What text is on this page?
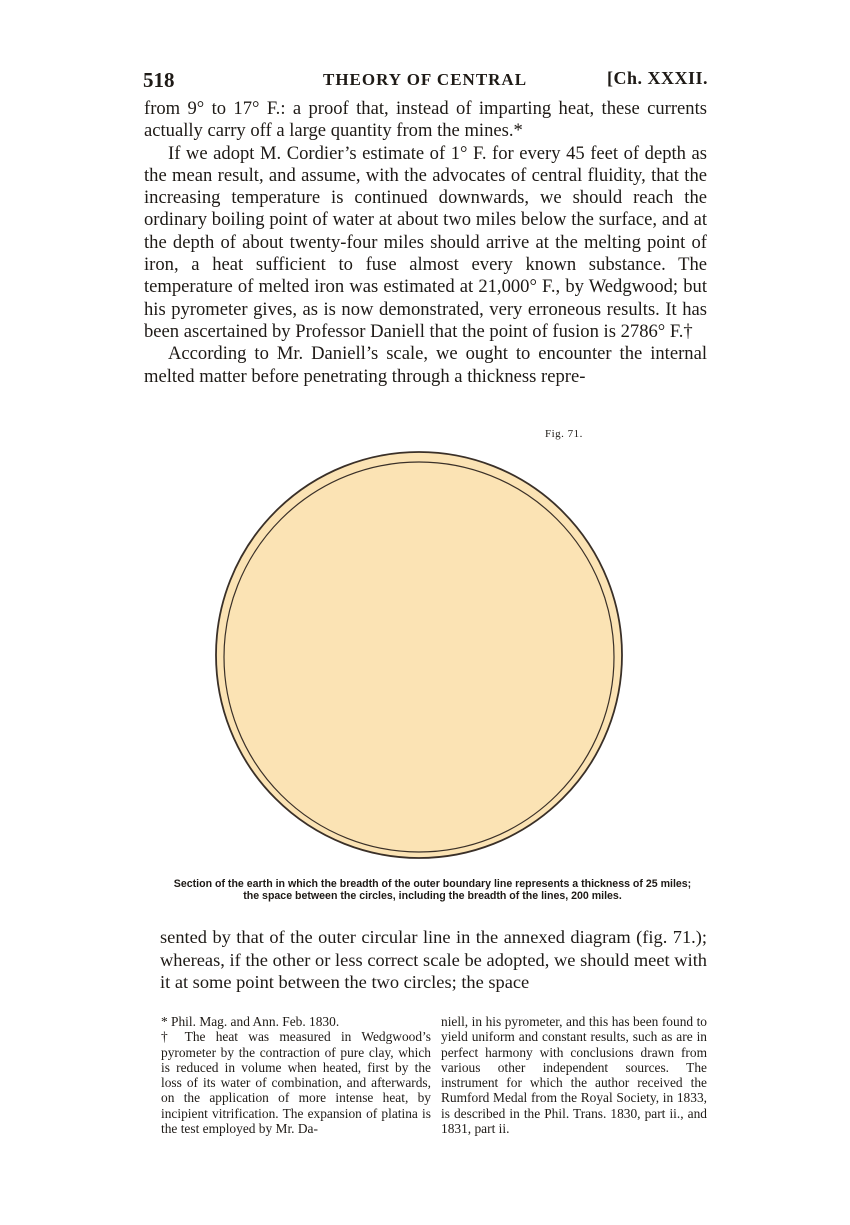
518	THEORY OF CENTRAL	[Ch. XXXII.

from 9° to 17° F.: a proof that, instead of imparting heat, these currents actually carry off a large quantity from the mines.*

If we adopt M. Cordier’s estimate of 1° F. for every 45 feet of depth as the mean result, and assume, with the advocates of central fluidity, that the increasing temperature is continued downwards, we should reach the ordinary boiling point of water at about two miles below the surface, and at the depth of about twenty-four miles should arrive at the melting point of iron, a heat sufficient to fuse almost every known substance. The temperature of melted iron was estimated at 21,000° F., by Wedgwood; but his pyrometer gives, as is now demonstrated, very erroneous results. It has been ascertained by Professor Daniell that the point of fusion is 2786° F.†

According to Mr. Daniell’s scale, we ought to encounter the internal melted matter before penetrating through a thickness repre-

Fig. 71.

Section of the earth in which the breadth of the outer boundary line represents a thickness of 25 miles; the space between the circles, including the breadth of the lines, 200 miles.

sented by that of the outer circular line in the annexed diagram (fig. 71.); whereas, if the other or less correct scale be adopted, we should meet with it at some point between the two circles; the space

* Phil. Mag. and Ann. Feb. 1830.

† The heat was measured in Wedgwood’s pyrometer by the contraction of pure clay, which is reduced in volume when heated, first by the loss of its water of combination, and afterwards, on the application of more intense heat, by incipient vitrification. The expansion of platina is the test employed by Mr. Da-

niell, in his pyrometer, and this has been found to yield uniform and constant results, such as are in perfect harmony with conclusions drawn from various other independent sources. The instrument for which the author received the Rumford Medal from the Royal Society, in 1833, is described in the Phil. Trans. 1830, part ii., and 1831, part ii.
